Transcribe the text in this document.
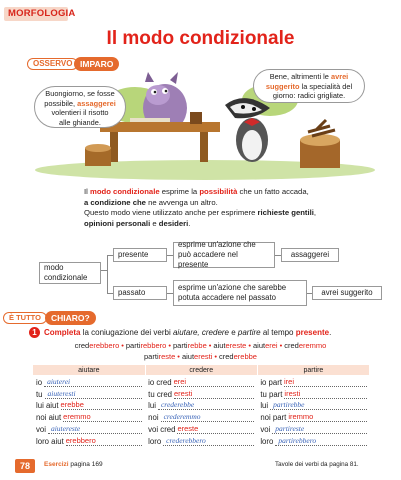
MORFOLOGIA
Il modo condizionale
OSSERVO IMPARO
Buongiorno, se fosse
possibile, assaggerei
volentieri il risotto
alle ghiande.
Bene, altrimenti le avrei
suggerito la specialità del
giorno: radici grigliate.
Il modo condizionale esprime la possibilità che un fatto accada,
a condizione che ne avvenga un altro.
Questo modo viene utilizzato anche per esprimere richieste gentili,
opinioni personali e desideri.
modo condizionale
presente
esprime un'azione che può accadere nel presente
assaggerei
passato
esprime un'azione che sarebbe potuta accadere nel passato
avrei suggerito
È TUTTO	CHIARO?
1 Completa la coniugazione dei verbi aiutare, credere e partire al tempo presente.
crederebbero • partirebbero • partirebbe • aiutereste • aiuterei • crederemmo
partireste • aiuteresti • crederebbe
aiutare	credere	partire

io aiuterei	io cred erei	io part irei

tu aiuteresti	tu cred eresti	tu part iresti

lui aiut erebbe	lui crederebbe	lui partirebbe

noi aiut eremmo	noi crederemmo	noi part iremmo

voi aiutereste	voi cred ereste	voi partireste

loro aiut erebbero	loro crederebbero	loro partirebbero
78	Esercizi pagina 169	Tavole dei verbi da pagina 81.
